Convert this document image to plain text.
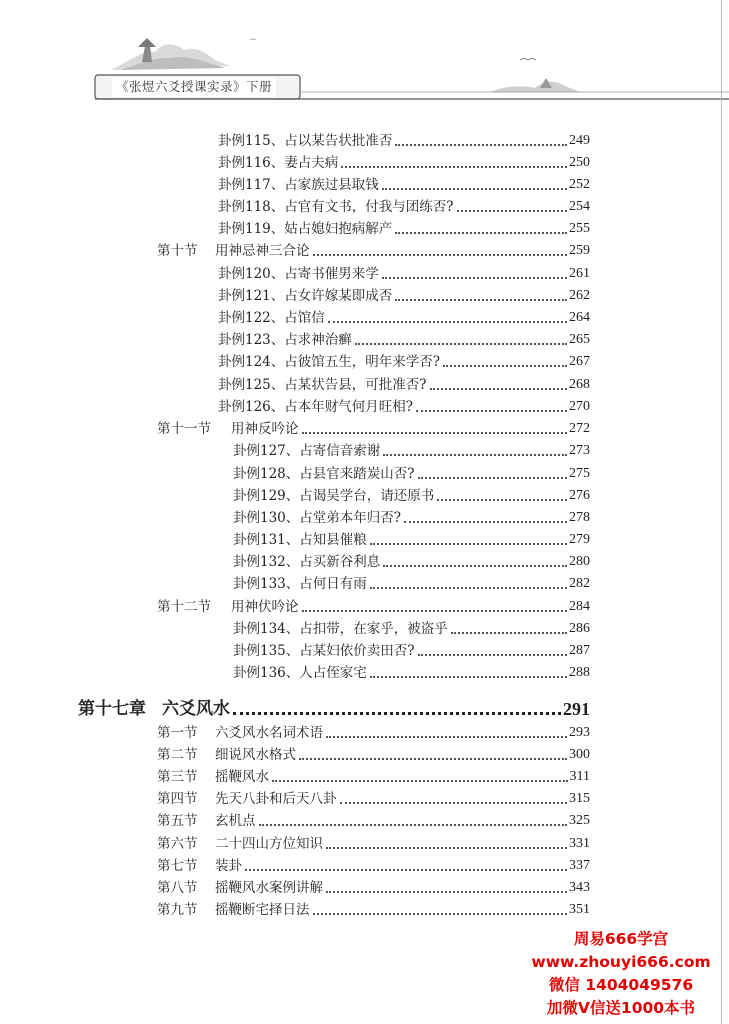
《张煜六爻授课实录》下册
卦例115、占以某告状批准否	249
卦例116、妻占夫病	250
卦例117、占家族过县取钱	252
卦例118、占官有文书，付我与团练否?	254
卦例119、姑占媳妇抱病解产	255
第十节	用神忌神三合论	259
卦例120、占寄书催男来学	261
卦例121、占女许嫁某即成否	262
卦例122、占馆信	264
卦例123、占求神治癣	265
卦例124、占彼馆五生，明年来学否?	267
卦例125、占某状告县，可批准否?	268
卦例126、占本年财气何月旺相?	270
第十一节	用神反吟论	272
卦例127、占寄信音索谢	273
卦例128、占县官来踏炭山否?	275
卦例129、占谒吴学台，请还原书	276
卦例130、占堂弟本年归否?	278
卦例131、占知县催粮	279
卦例132、占买新谷利息	280
卦例133、占何日有雨	282
第十二节	用神伏吟论	284
卦例134、占扣带，在家乎，被盗乎	286
卦例135、占某妇依价卖田否?	287
卦例136、人占侄家宅	288
第十七章 六爻风水	291
第一节	六爻风水名词术语	293
第二节	细说风水格式	300
第三节	摇鞭风水	311
第四节	先天八卦和后天八卦	315
第五节	玄机点	325
第六节	二十四山方位知识	331
第七节	装卦	337
第八节	摇鞭风水案例讲解	343
第九节	摇鞭断宅择日法	351
周易666学宫
www.zhouyi666.com
微信 1404049576
加微V信送1000本书
